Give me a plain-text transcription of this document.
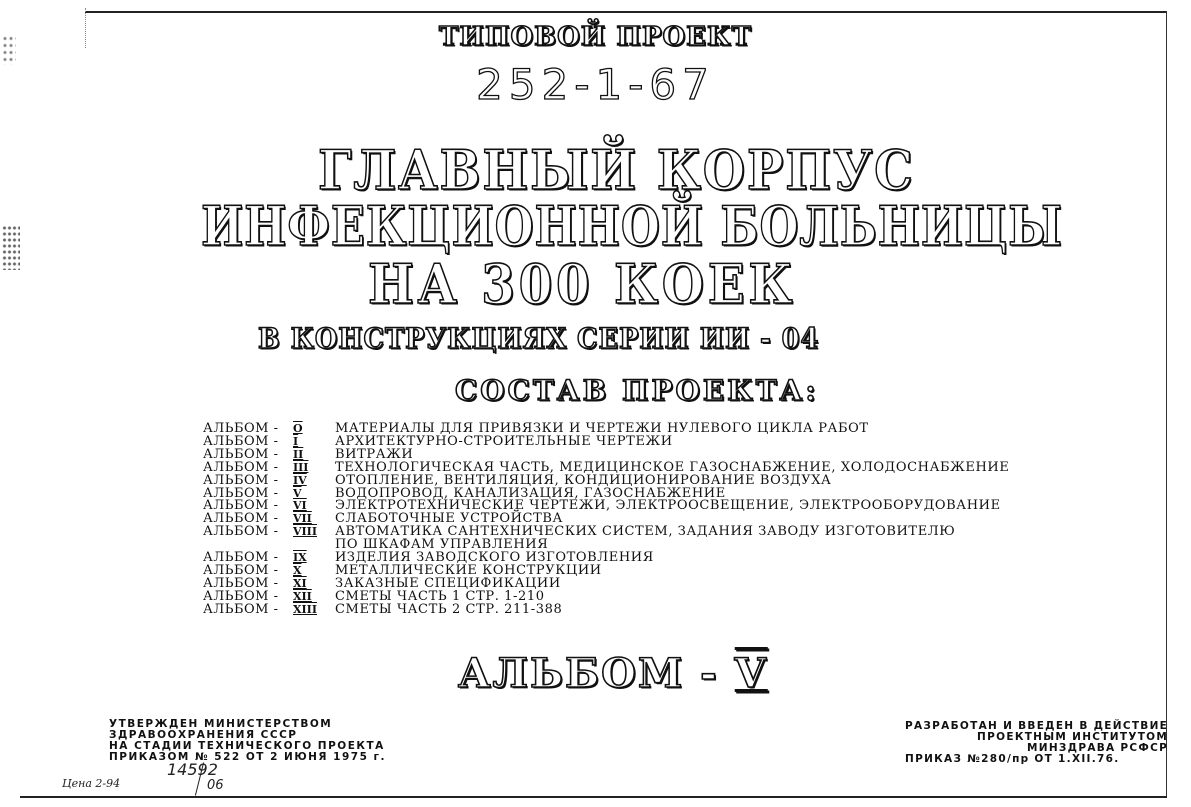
ТИПОВОЙ ПРОЕКТ
252-1-67
ГЛАВНЫЙ КОРПУС
ИНФЕКЦИОННОЙ БОЛЬНИЦЫ
НА 300 КОЕК
В КОНСТРУКЦИЯХ СЕРИИ ИИ - 04
СОСТАВ ПРОЕКТА:
АЛЬБОМ -	O	МАТЕРИАЛЫ ДЛЯ ПРИВЯЗКИ И ЧЕРТЕЖИ НУЛЕВОГО ЦИКЛА РАБОТ
АЛЬБОМ -	I	АРХИТЕКТУРНО-СТРОИТЕЛЬНЫЕ ЧЕРТЕЖИ
АЛЬБОМ -	II	ВИТРАЖИ
АЛЬБОМ -	III	ТЕХНОЛОГИЧЕСКАЯ ЧАСТЬ, МЕДИЦИНСКОЕ ГАЗОСНАБЖЕНИЕ, ХОЛОДОСНАБЖЕНИЕ
АЛЬБОМ -	IV	ОТОПЛЕНИЕ, ВЕНТИЛЯЦИЯ, КОНДИЦИОНИРОВАНИЕ ВОЗДУХА
АЛЬБОМ -	V	ВОДОПРОВОД, КАНАЛИЗАЦИЯ, ГАЗОСНАБЖЕНИЕ
АЛЬБОМ -	VI	ЭЛЕКТРОТЕХНИЧЕСКИЕ ЧЕРТЕЖИ, ЭЛЕКТРООСВЕЩЕНИЕ, ЭЛЕКТРООБОРУДОВАНИЕ
АЛЬБОМ -	VII	СЛАБОТОЧНЫЕ УСТРОЙСТВА
АЛЬБОМ -	VIII	АВТОМАТИКА САНТЕХНИЧЕСКИХ СИСТЕМ, ЗАДАНИЯ ЗАВОДУ ИЗГОТОВИТЕЛЮ
ПО ШКАФАМ УПРАВЛЕНИЯ
АЛЬБОМ -	IX	ИЗДЕЛИЯ ЗАВОДСКОГО ИЗГОТОВЛЕНИЯ
АЛЬБОМ -	X	МЕТАЛЛИЧЕСКИЕ КОНСТРУКЦИИ
АЛЬБОМ -	XI	ЗАКАЗНЫЕ СПЕЦИФИКАЦИИ
АЛЬБОМ -	XII	СМЕТЫ ЧАСТЬ 1 СТР. 1-210
АЛЬБОМ -	XIII	СМЕТЫ ЧАСТЬ 2 СТР. 211-388
АЛЬБОМ - V
УТВЕРЖДЕН МИНИСТЕРСТВОМ
ЗДРАВООХРАНЕНИЯ СССР
НА СТАДИИ ТЕХНИЧЕСКОГО ПРОЕКТА
ПРИКАЗОМ № 522 ОТ 2 ИЮНЯ 1975 г.
РАЗРАБОТАН И ВВЕДЕН В ДЕЙСТВИЕ
ПРОЕКТНЫМ ИНСТИТУТОМ
МИНЗДРАВА РСФСР
ПРИКАЗ №280/пр ОТ 1.XII.76.
Цена 2-94
14592
06
